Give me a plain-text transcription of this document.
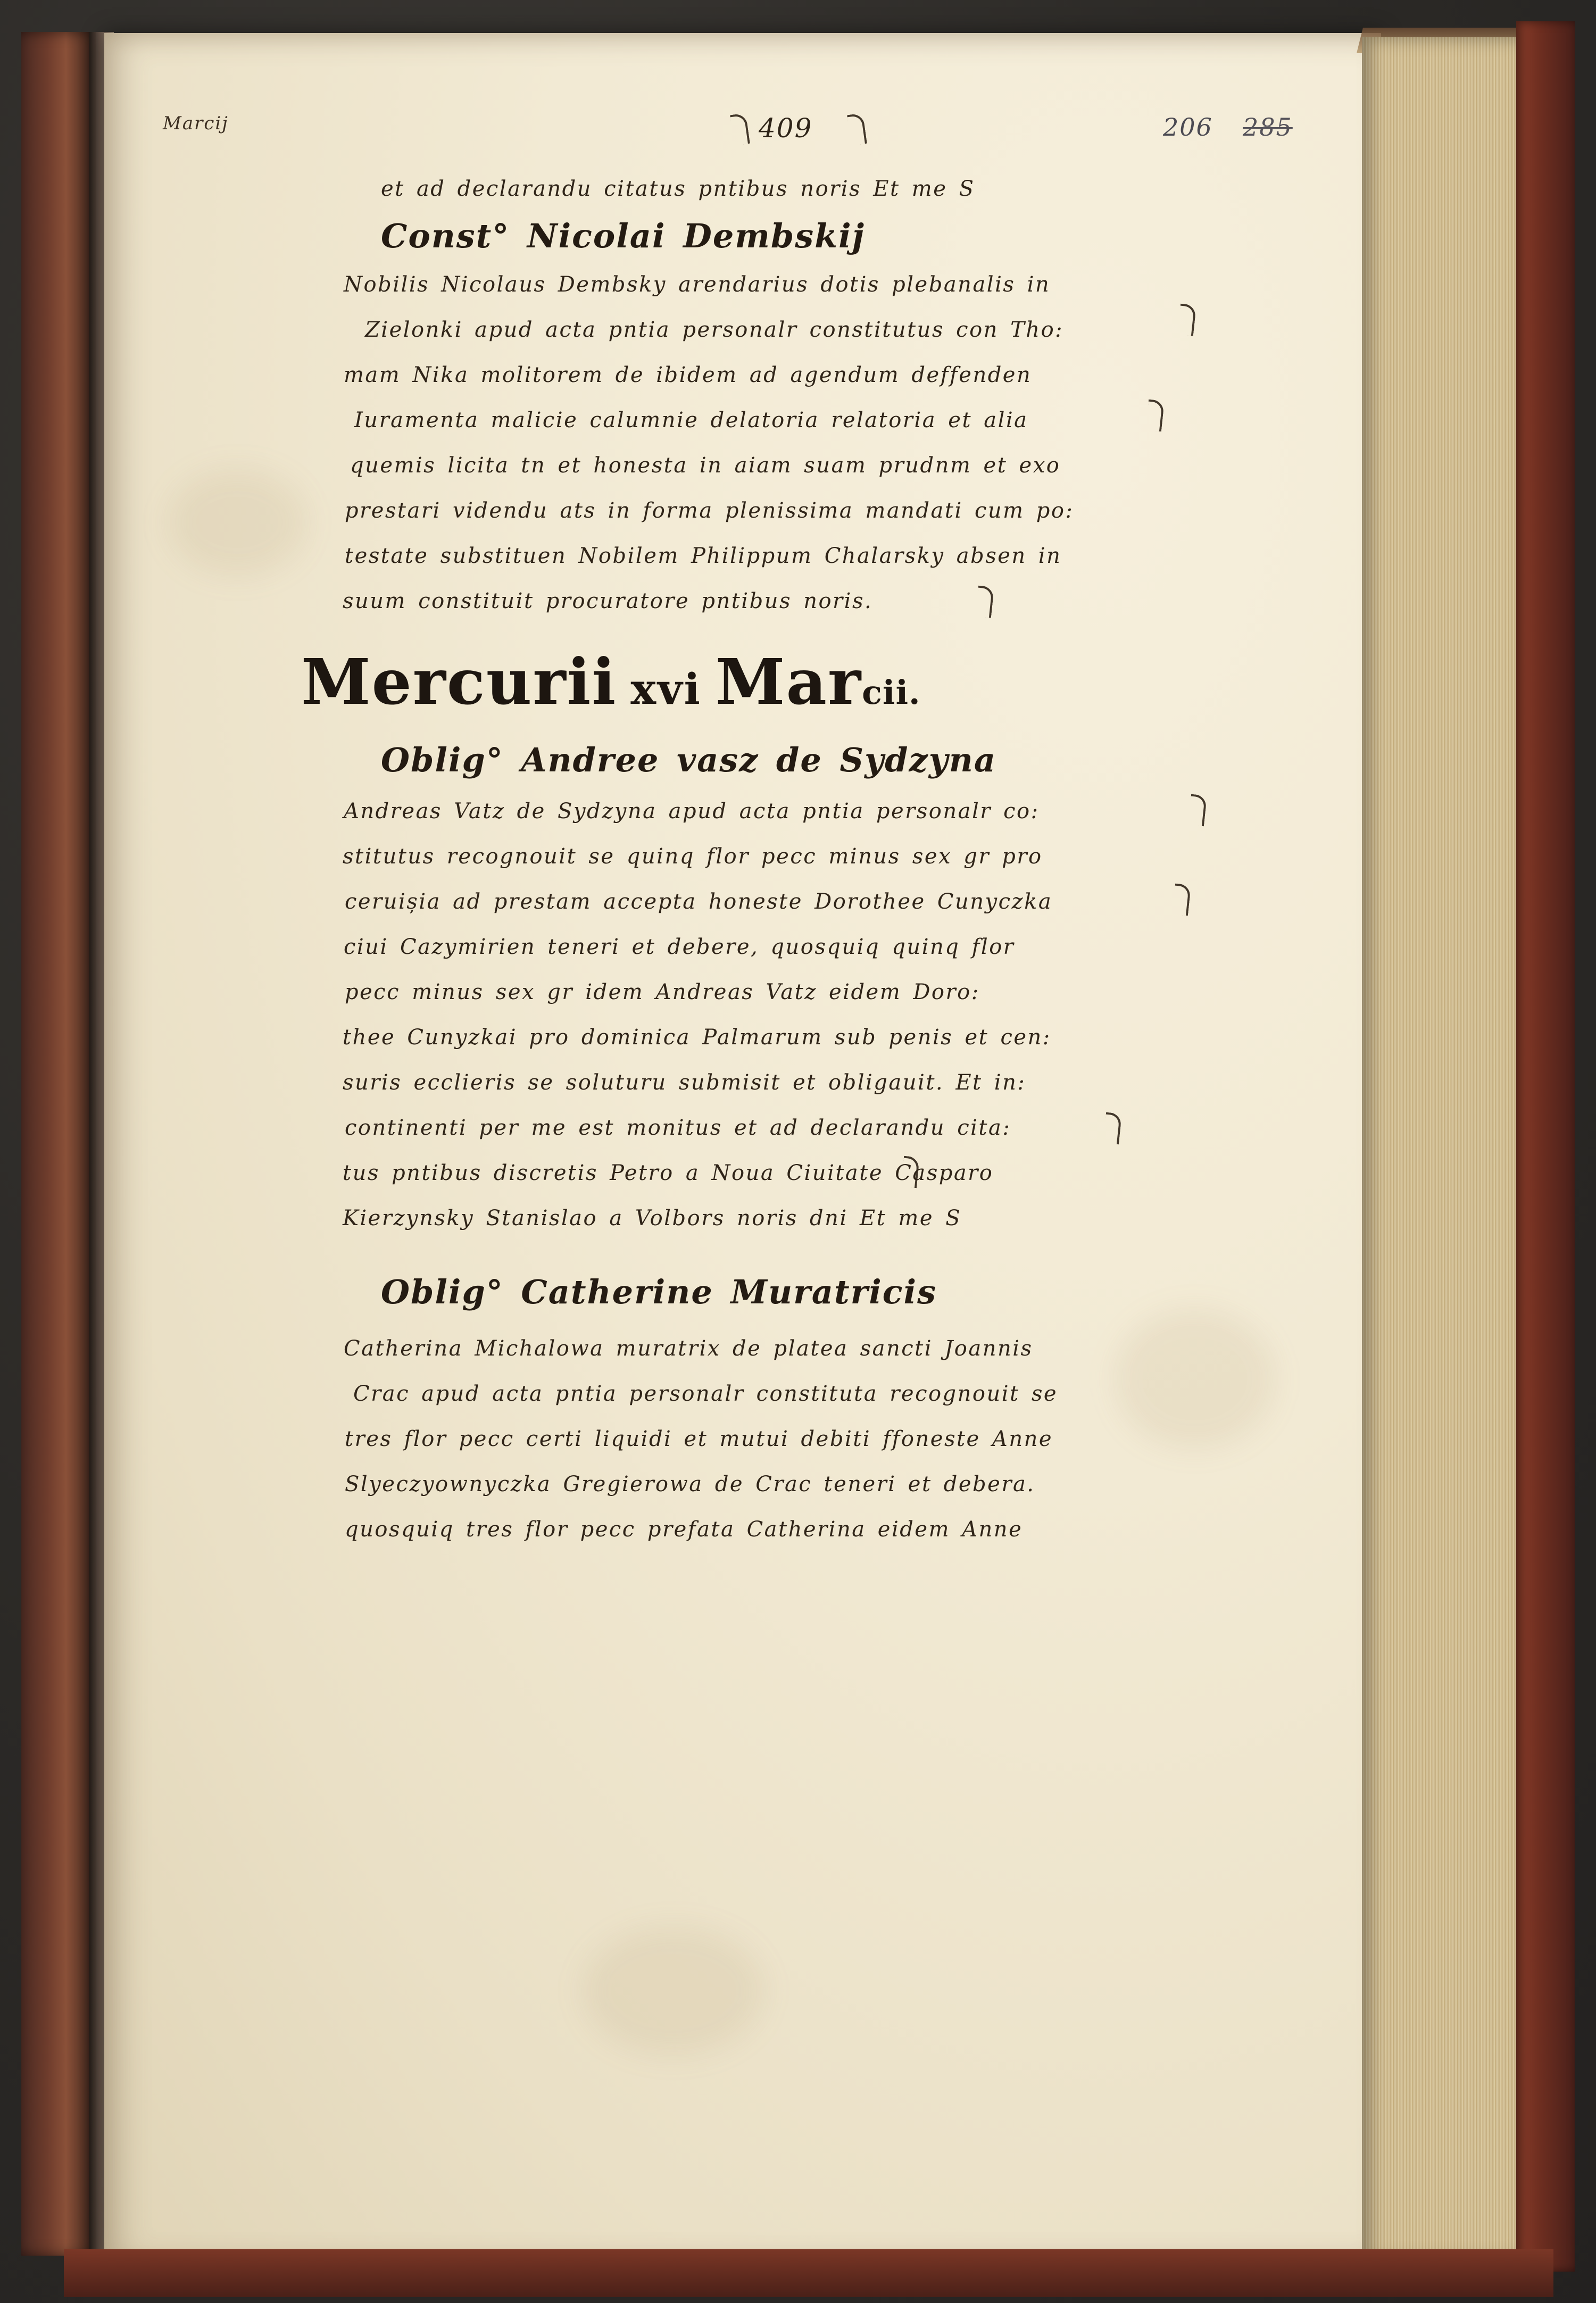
Marcij	409	206 285
et ad declarandu citatus pntibus noris Et me S
Const° Nicolai Dembskij
Nobilis Nicolaus Dembsky arendarius dotis plebanalis in
Zielonki apud acta pntia personalr constitutus con Tho:
mam Nika molitorem de ibidem ad agendum deffenden
Iuramenta malicie calumnie delatoria relatoria et alia
quemis licita tn et honesta in aiam suam prudnm et exo
prestari videndu ats in forma plenissima mandati cum po:
testate substituen Nobilem Philippum Chalarsky absen in
suum constituit procuratore pntibus noris.
Mercurii xvi Marcii.
Oblig° Andree vasz de Sydzyna
Andreas Vatz de Sydzyna apud acta pntia personalr co:
stitutus recognouit se quinq flor pecc minus sex gr pro
ceruișia ad prestam accepta honeste Dorothee Cunyczka
ciui Cazymirien teneri et debere, quosquiq quinq flor
pecc minus sex gr idem Andreas Vatz eidem Doro:
thee Cunyzkai pro dominica Palmarum sub penis et cen:
suris ecclieris se soluturu submisit et obligauit. Et in:
continenti per me est monitus et ad declarandu cita:
tus pntibus discretis Petro a Noua Ciuitate Casparo
Kierzynsky Stanislao a Volbors noris dni Et me S
Oblig° Catherine Muratricis
Catherina Michalowa muratrix de platea sancti Joannis
Crac apud acta pntia personalr constituta recognouit se
tres flor pecc certi liquidi et mutui debiti ffoneste Anne
Slyeczyownyczka Gregierowa de Crac teneri et debera.
quosquiq tres flor pecc prefata Catherina eidem Anne
